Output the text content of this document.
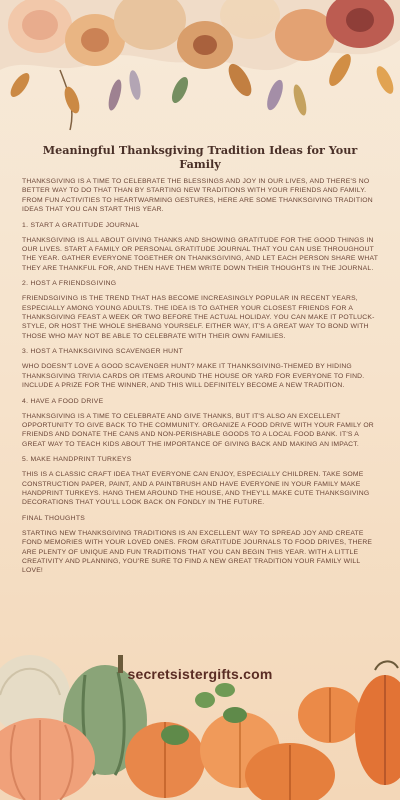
Meaningful Thanksgiving Tradition Ideas for Your Family

THANKSGIVING IS A TIME TO CELEBRATE THE BLESSINGS AND JOY IN OUR LIVES, AND THERE'S NO BETTER WAY TO DO THAT THAN BY STARTING NEW TRADITIONS WITH YOUR FRIENDS AND FAMILY. FROM FUN ACTIVITIES TO HEARTWARMING GESTURES, HERE ARE SOME THANKSGIVING TRADITION IDEAS THAT YOU CAN START THIS YEAR.

1. START A GRATITUDE JOURNAL

THANKSGIVING IS ALL ABOUT GIVING THANKS AND SHOWING GRATITUDE FOR THE GOOD THINGS IN OUR LIVES. START A FAMILY OR PERSONAL GRATITUDE JOURNAL THAT YOU CAN USE THROUGHOUT THE YEAR. GATHER EVERYONE TOGETHER ON THANKSGIVING, AND LET EACH PERSON SHARE WHAT THEY ARE THANKFUL FOR, AND THEN HAVE THEM WRITE DOWN THEIR THOUGHTS IN THE JOURNAL.

2. HOST A FRIENDSGIVING

FRIENDSGIVING IS THE TREND THAT HAS BECOME INCREASINGLY POPULAR IN RECENT YEARS, ESPECIALLY AMONG YOUNG ADULTS. THE IDEA IS TO GATHER YOUR CLOSEST FRIENDS FOR A THANKSGIVING FEAST A WEEK OR TWO BEFORE THE ACTUAL HOLIDAY. YOU CAN MAKE IT POTLUCK-STYLE, OR HOST THE WHOLE SHEBANG YOURSELF. EITHER WAY, IT'S A GREAT WAY TO BOND WITH THOSE WHO MAY NOT BE ABLE TO CELEBRATE WITH THEIR OWN FAMILIES.

3. HOST A THANKSGIVING SCAVENGER HUNT

WHO DOESN'T LOVE A GOOD SCAVENGER HUNT? MAKE IT THANKSGIVING-THEMED BY HIDING THANKSGIVING TRIVIA CARDS OR ITEMS AROUND THE HOUSE OR YARD FOR EVERYONE TO FIND. INCLUDE A PRIZE FOR THE WINNER, AND THIS WILL DEFINITELY BECOME A NEW TRADITION.

4. HAVE A FOOD DRIVE

THANKSGIVING IS A TIME TO CELEBRATE AND GIVE THANKS, BUT IT'S ALSO AN EXCELLENT OPPORTUNITY TO GIVE BACK TO THE COMMUNITY. ORGANIZE A FOOD DRIVE WITH YOUR FAMILY OR FRIENDS AND DONATE THE CANS AND NON-PERISHABLE GOODS TO A LOCAL FOOD BANK. IT'S A GREAT WAY TO TEACH KIDS ABOUT THE IMPORTANCE OF GIVING BACK AND MAKING AN IMPACT.

5. MAKE HANDPRINT TURKEYS

THIS IS A CLASSIC CRAFT IDEA THAT EVERYONE CAN ENJOY, ESPECIALLY CHILDREN. TAKE SOME CONSTRUCTION PAPER, PAINT, AND A PAINTBRUSH AND HAVE EVERYONE IN YOUR FAMILY MAKE HANDPRINT TURKEYS. HANG THEM AROUND THE HOUSE, AND THEY'LL MAKE CUTE THANKSGIVING DECORATIONS THAT YOU'LL LOOK BACK ON FONDLY IN THE FUTURE.

FINAL THOUGHTS

STARTING NEW THANKSGIVING TRADITIONS IS AN EXCELLENT WAY TO SPREAD JOY AND CREATE FOND MEMORIES WITH YOUR LOVED ONES. FROM GRATITUDE JOURNALS TO FOOD DRIVES, THERE ARE PLENTY OF UNIQUE AND FUN TRADITIONS THAT YOU CAN BEGIN THIS YEAR. WITH A LITTLE CREATIVITY AND PLANNING, YOU'RE SURE TO FIND A NEW GREAT TRADITION YOUR FAMILY WILL LOVE!

secretsistergifts.com
